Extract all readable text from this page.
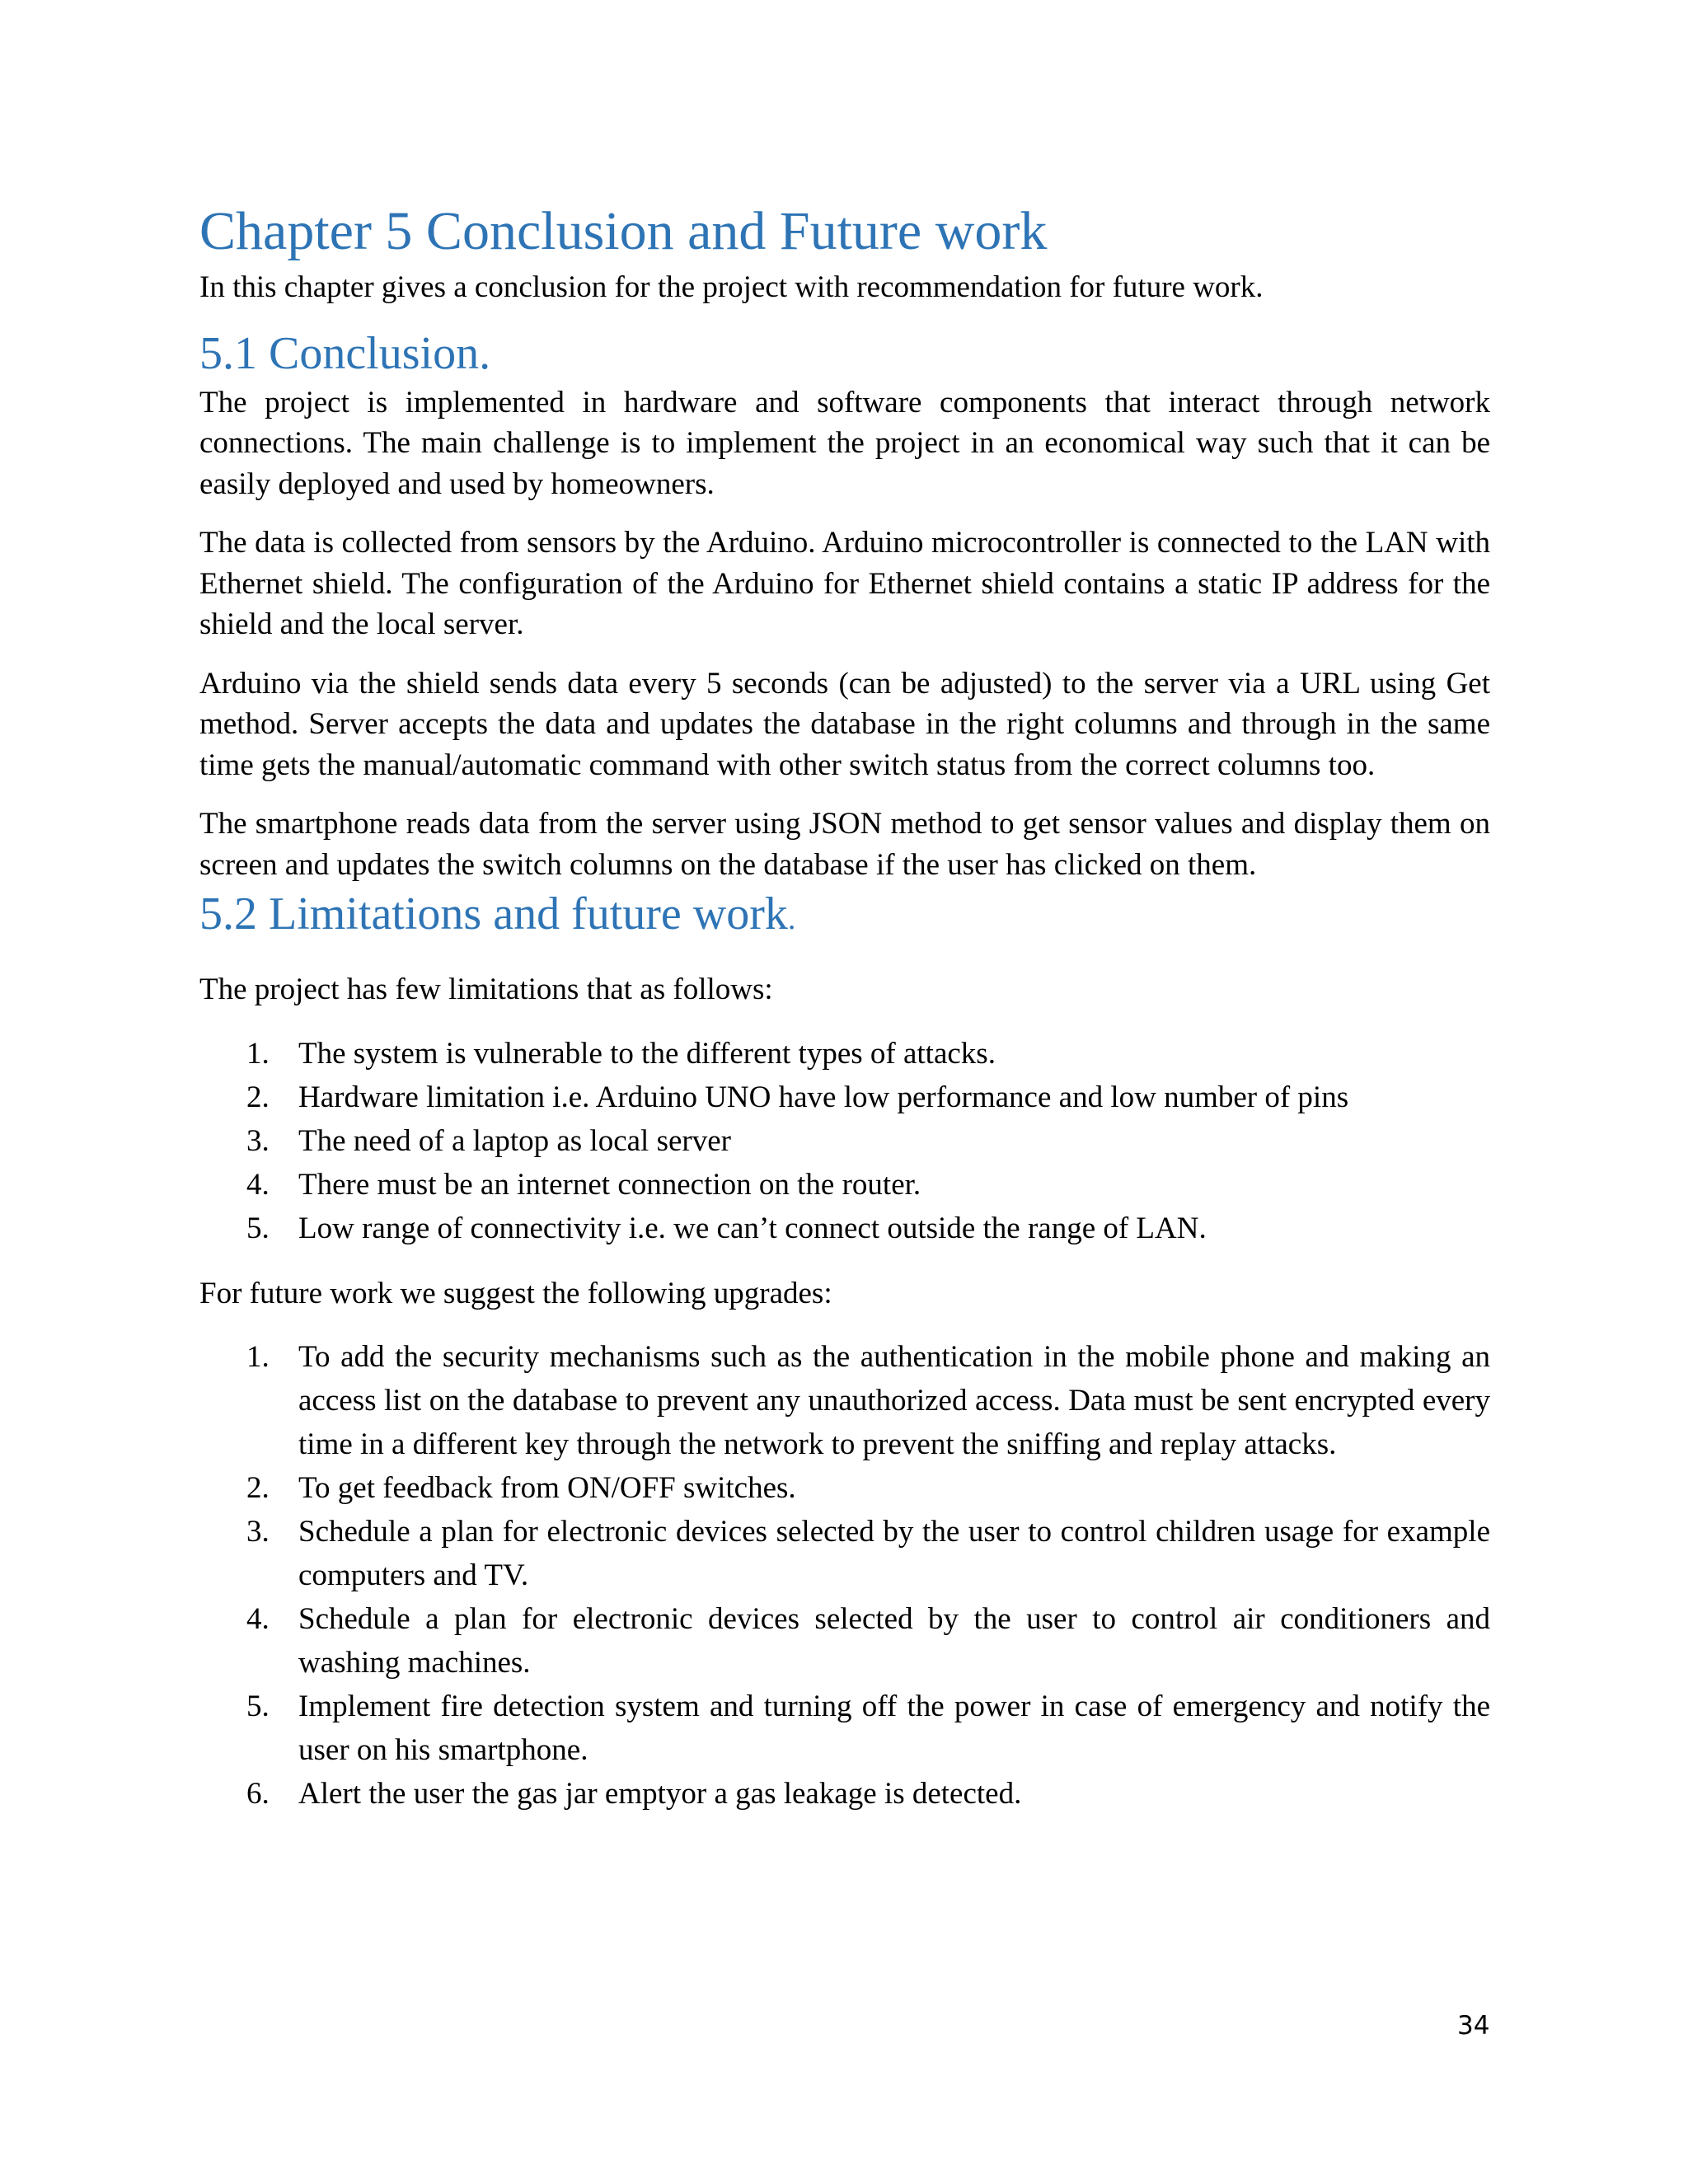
Chapter 5 Conclusion and Future work

In this chapter gives a conclusion for the project with recommendation for future work.

5.1 Conclusion.

The project is implemented in hardware and software components that interact through network connections. The main challenge is to implement the project in an economical way such that it can be easily deployed and used by homeowners.

The data is collected from sensors by the Arduino. Arduino microcontroller is connected to the LAN with Ethernet shield. The configuration of the Arduino for Ethernet shield contains a static IP address for the shield and the local server.

Arduino via the shield sends data every 5 seconds (can be adjusted) to the server via a URL using Get method. Server accepts the data and updates the database in the right columns and through in the same time gets the manual/automatic command with other switch status from the correct columns too.

The smartphone reads data from the server using JSON method to get sensor values and display them on screen and updates the switch columns on the database if the user has clicked on them.

5.2 Limitations and future work.

The project has few limitations that as follows:

1. The system is vulnerable to the different types of attacks.
2. Hardware limitation i.e. Arduino UNO have low performance and low number of pins
3. The need of a laptop as local server
4. There must be an internet connection on the router.
5. Low range of connectivity i.e. we can’t connect outside the range of LAN.

For future work we suggest the following upgrades:

1. To add the security mechanisms such as the authentication in the mobile phone and making an access list on the database to prevent any unauthorized access. Data must be sent encrypted every time in a different key through the network to prevent the sniffing and replay attacks.
2. To get feedback from ON/OFF switches.
3. Schedule a plan for electronic devices selected by the user to control children usage for example computers and TV.
4. Schedule a plan for electronic devices selected by the user to control air conditioners and washing machines.
5. Implement fire detection system and turning off the power in case of emergency and notify the user on his smartphone.
6. Alert the user the gas jar emptyor a gas leakage is detected.
34
